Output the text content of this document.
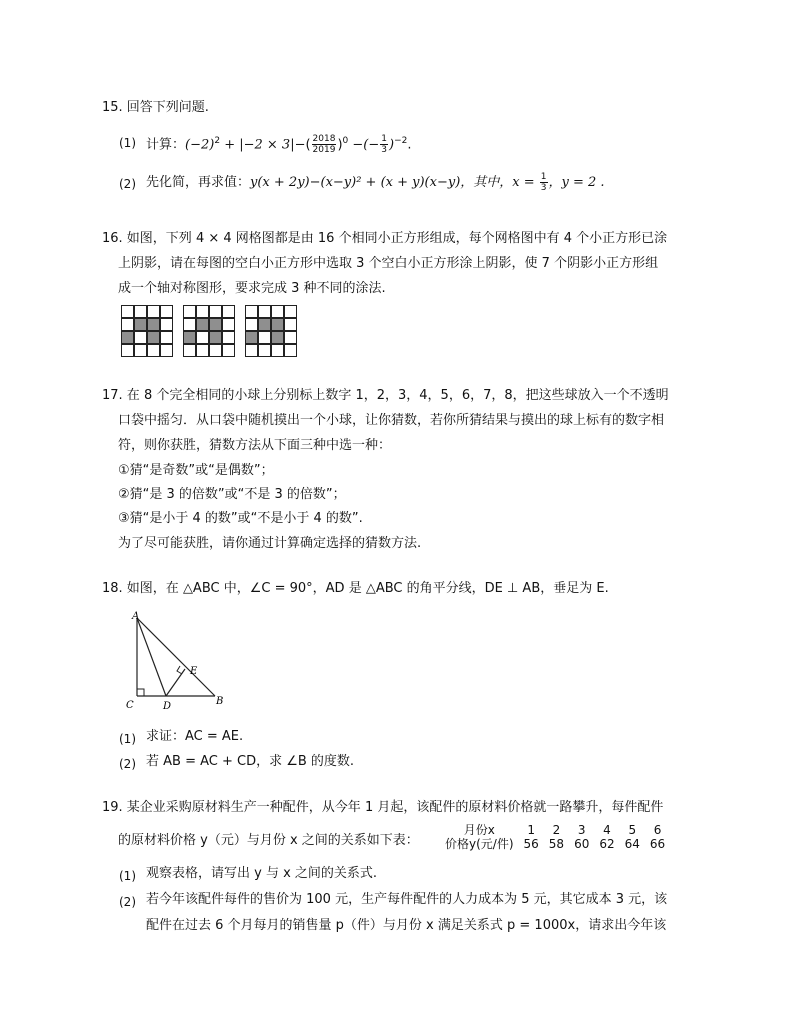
15. 回答下列问题.
(1) 计算：$(-2)^2 + |-2 \times 3|-( \frac{2018}{2019} )^0$ −(− $\frac{1}{3} )^{-2}$.
(2) 先化简，再求值：y(x + 2y)−(x−y)² + (x + y)(x−y)，其中，$x = \frac{1}{3}$ ，y = 2 .
16. 如图，下列 4 × 4 网格图都是由 16 个相同小正方形组成，每个网格图中有 4 个小正方形已涂
上阴影，请在每图的空白小正方形中选取 3 个空白小正方形涂上阴影，使 7 个阴影小正方形组
成一个轴对称图形，要求完成 3 种不同的涂法.
17. 在 8 个完全相同的小球上分别标上数字 1，2，3，4，5，6，7，8，把这些球放入一个不透明
口袋中摇匀．从口袋中随机摸出一个小球，让你猜数，若你所猜结果与摸出的球上标有的数字相
符，则你获胜，猜数方法从下面三种中选一种：
①猜“是奇数”或“是偶数”；
②猜“是 3 的倍数”或“不是 3 的倍数”；
③猜“是小于 4 的数”或“不是小于 4 的数”.
为了尽可能获胜，请你通过计算确定选择的猜数方法.
18. 如图，在 △ABC 中，∠C = 90°，AD 是 △ABC 的角平分线，DE ⊥ AB，垂足为 E.
A
C	D
E
B
(1) 求证：AC = AE.
(2) 若 AB = AC + CD，求 ∠B 的度数.
19. 某企业采购原材料生产一种配件，从今年 1 月起，该配件的原材料价格就一路攀升，每件配件
的原材料价格 y（元）与月份 x 之间的关系如下表：
月份x	1	2	3	4	5	6
价格y(元/件)	56	58	60	62	64	66
(1) 观察表格，请写出 y 与 x 之间的关系式.
(2) 若今年该配件每件的售价为 100 元，生产每件配件的人力成本为 5 元，其它成本 3 元，该
配件在过去 6 个月每月的销售量 p（件）与月份 x 满足关系式 p = 1000x，请求出今年该
